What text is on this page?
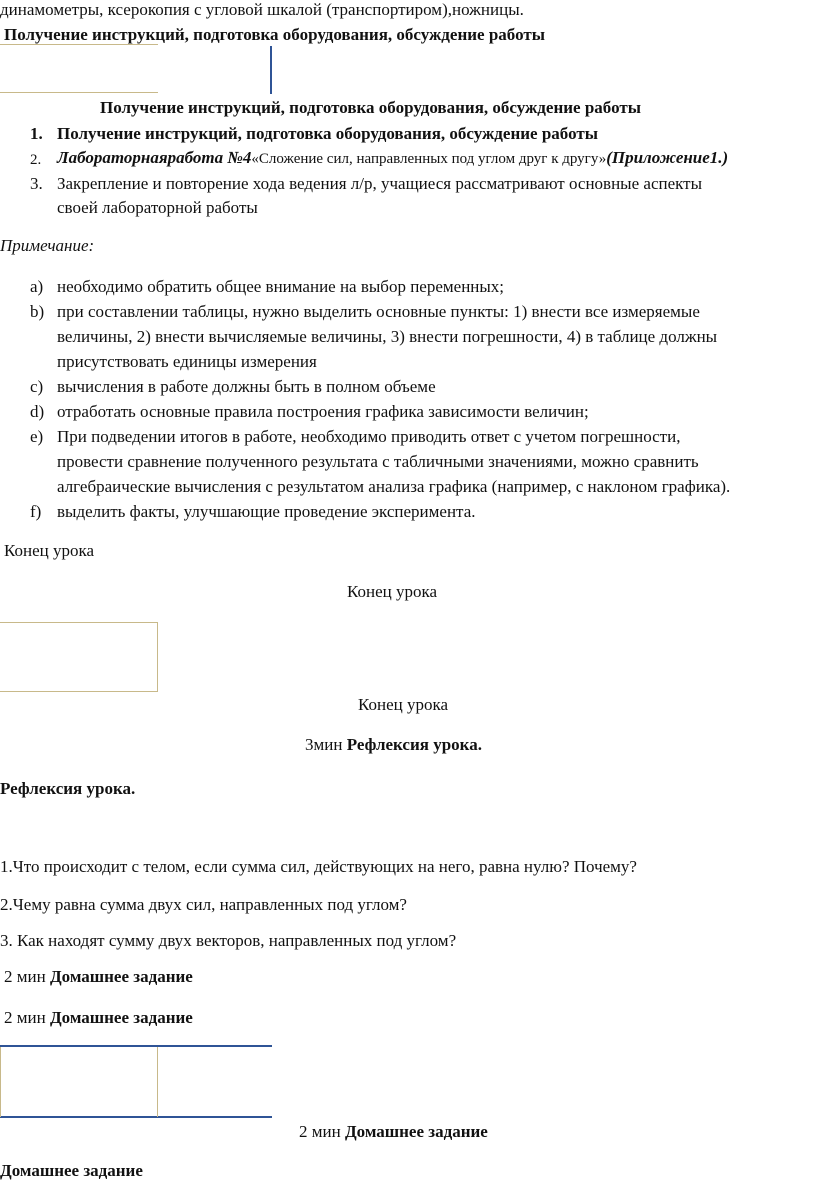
динамометры, ксерокопия с угловой шкалой (транспортиром),ножницы.
Получение инструкций, подготовка оборудования, обсуждение работы
Получение инструкций, подготовка оборудования, обсуждение работы
1. Получение инструкций, подготовка оборудования, обсуждение работы
2. Лабораторнаяработа №4«Сложение сил, направленных под углом друг к другу»(Приложение1.)
3. Закрепление и повторение хода ведения л/р, учащиеся рассматривают основные аспекты
своей лабораторной работы
Примечание:
a) необходимо обратить общее внимание на выбор переменных;
b) при составлении таблицы, нужно выделить основные пункты: 1) внести все измеряемые
величины, 2) внести вычисляемые величины, 3) внести погрешности, 4) в таблице должны
присутствовать единицы измерения
c) вычисления в работе должны быть в полном объеме
d) отработать основные правила построения графика зависимости величин;
e) При подведении итогов в работе, необходимо приводить ответ с учетом погрешности,
провести сравнение полученного результата с табличными значениями, можно сравнить
алгебраические вычисления с результатом анализа графика (например, с наклоном графика).
f) выделить факты, улучшающие проведение эксперимента.
Конец урока
Конец урока
Конец урока
3мин Рефлексия урока.
Рефлексия урока.
1.Что происходит с телом, если сумма сил, действующих на него, равна нулю? Почему?
2.Чему равна сумма двух сил, направленных под углом?
3. Как находят сумму двух векторов, направленных под углом?
2 мин Домашнее задание
2 мин Домашнее задание
2 мин Домашнее задание
Домашнее задание
